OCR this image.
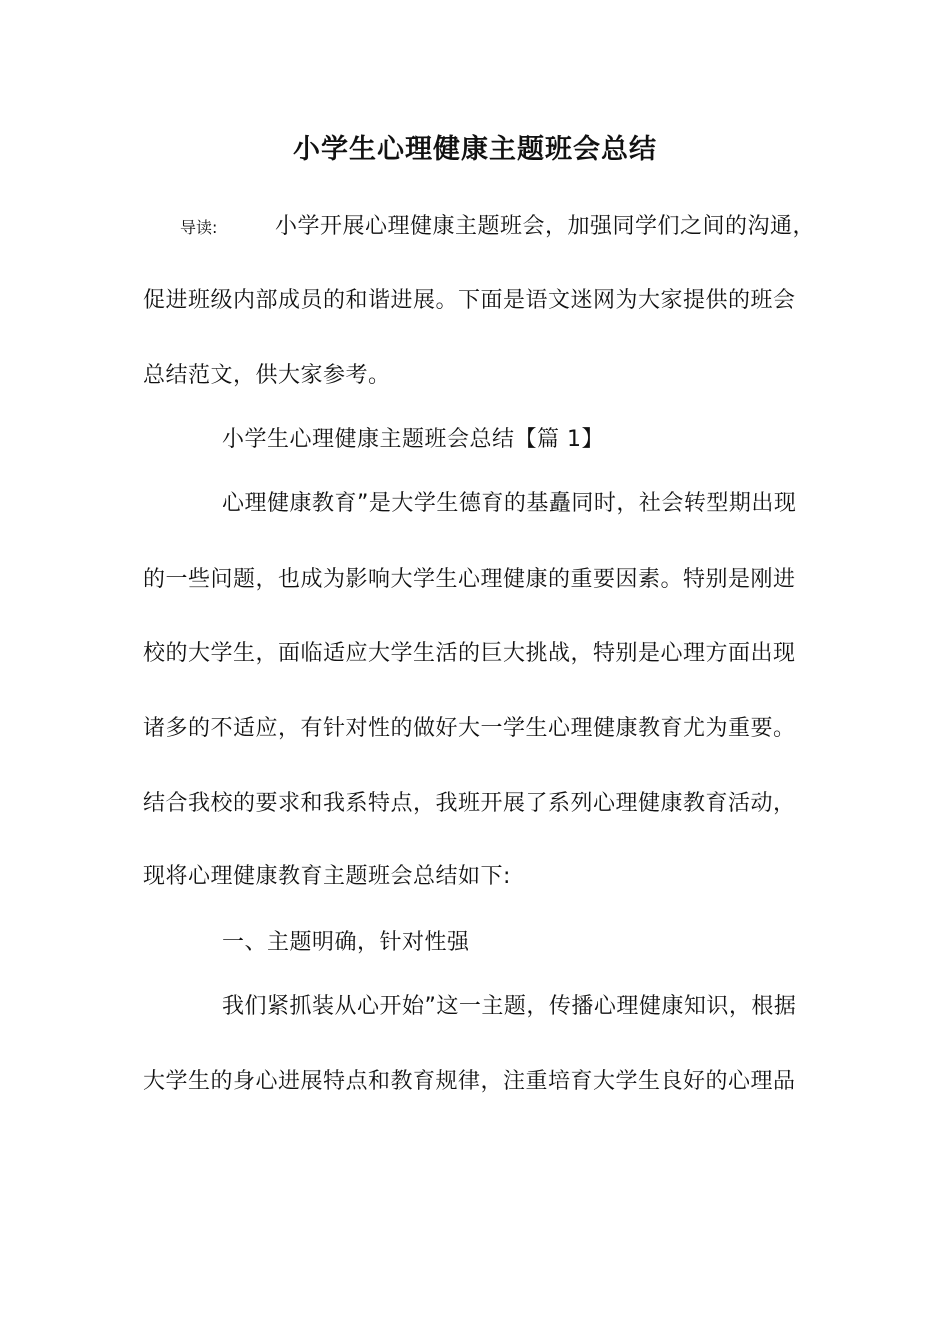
小学生心理健康主题班会总结
导读:	小学开展心理健康主题班会，加强同学们之间的沟通，
促进班级内部成员的和谐进展。下面是语文迷网为大家提供的班会
总结范文，供大家参考。
小学生心理健康主题班会总结【篇 1】
心理健康教育”是大学生德育的基矗同时，社会转型期出现
的一些问题，也成为影响大学生心理健康的重要因素。特别是刚进
校的大学生，面临适应大学生活的巨大挑战，特别是心理方面出现
诸多的不适应，有针对性的做好大一学生心理健康教育尤为重要。
结合我校的要求和我系特点，我班开展了系列心理健康教育活动，
现将心理健康教育主题班会总结如下:
一、主题明确，针对性强
我们紧抓装从心开始”这一主题，传播心理健康知识，根据
大学生的身心进展特点和教育规律，注重培育大学生良好的心理品
